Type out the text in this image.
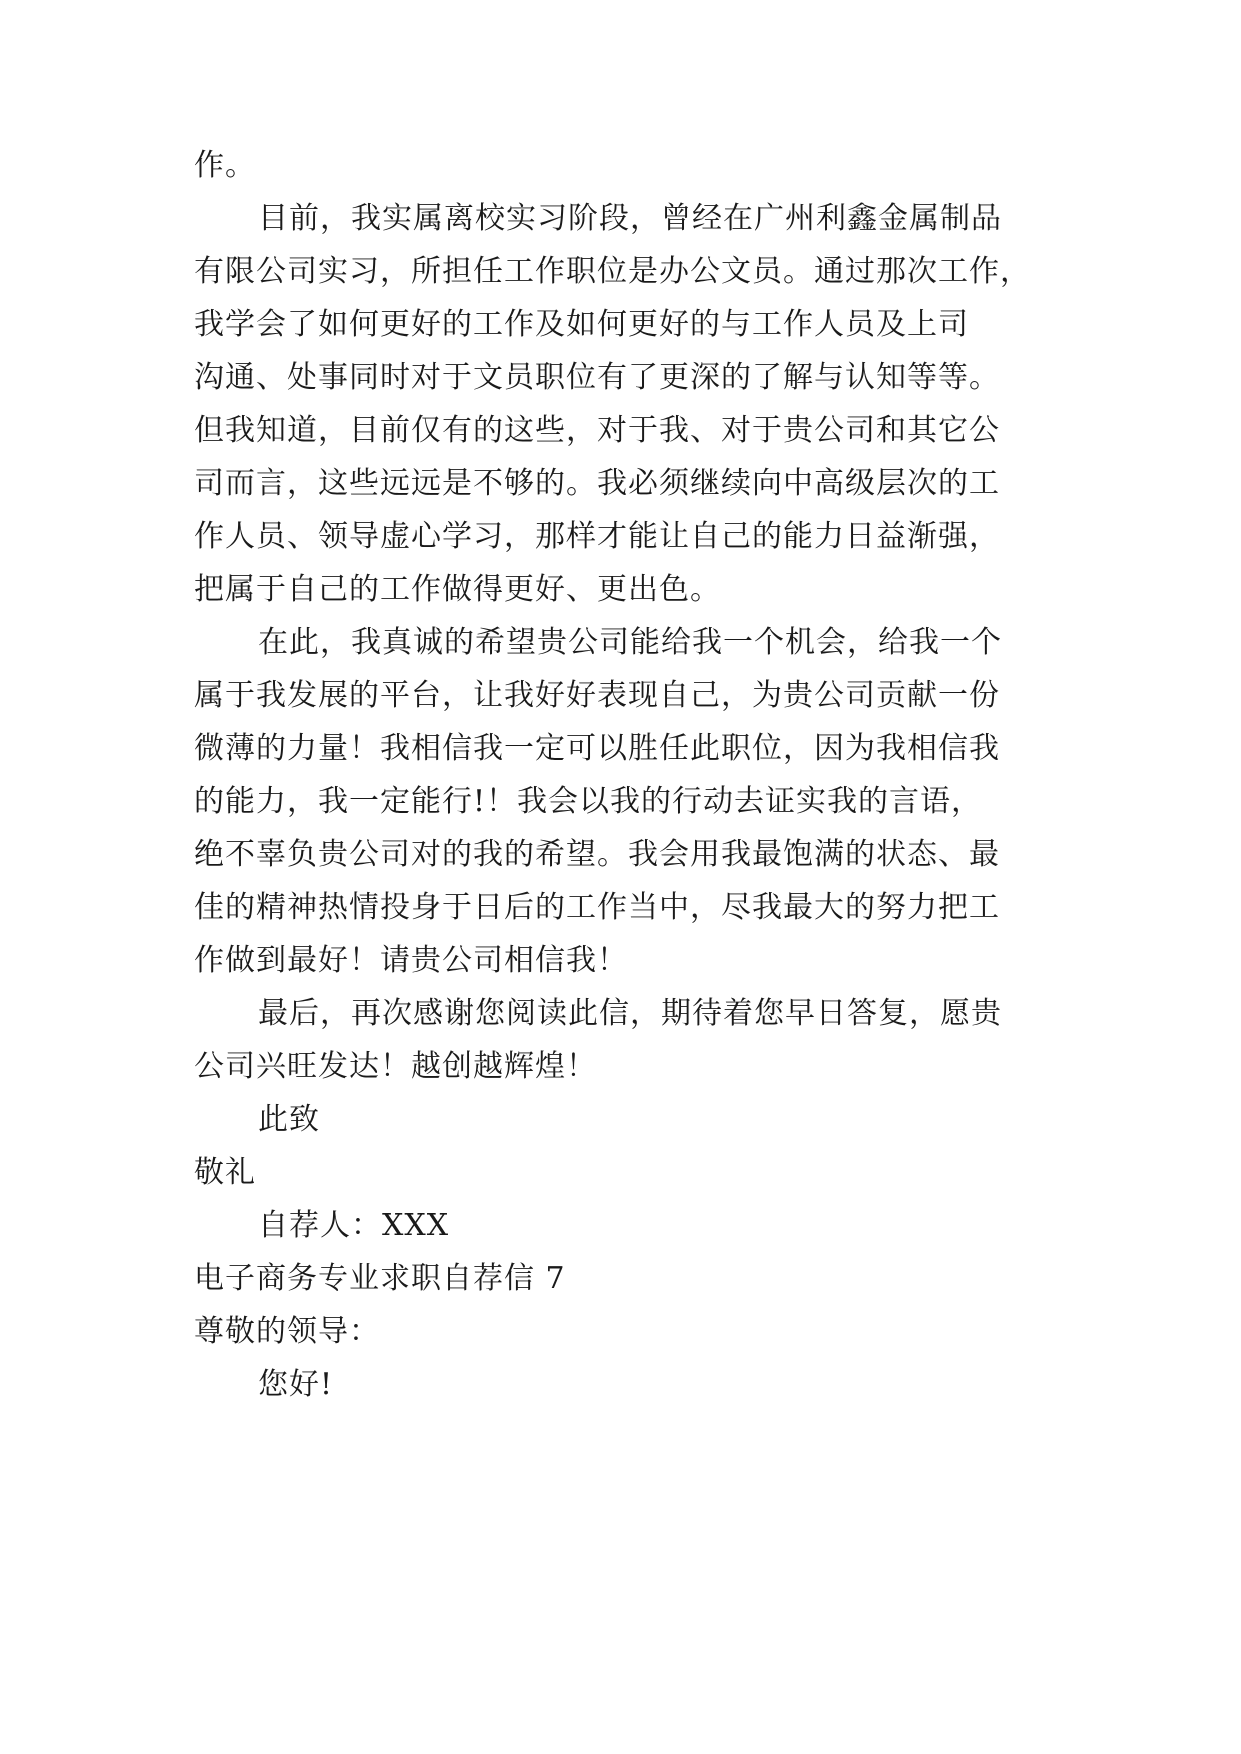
作。
目前，我实属离校实习阶段，曾经在广州利鑫金属制品
有限公司实习，所担任工作职位是办公文员。通过那次工作，
我学会了如何更好的工作及如何更好的与工作人员及上司
沟通、处事同时对于文员职位有了更深的了解与认知等等。
但我知道，目前仅有的这些，对于我、对于贵公司和其它公
司而言，这些远远是不够的。我必须继续向中高级层次的工
作人员、领导虚心学习，那样才能让自己的能力日益渐强，
把属于自己的工作做得更好、更出色。
在此，我真诚的希望贵公司能给我一个机会，给我一个
属于我发展的平台，让我好好表现自己，为贵公司贡献一份
微薄的力量！我相信我一定可以胜任此职位，因为我相信我
的能力，我一定能行!！我会以我的行动去证实我的言语，
绝不辜负贵公司对的我的希望。我会用我最饱满的状态、最
佳的精神热情投身于日后的工作当中，尽我最大的努力把工
作做到最好！请贵公司相信我！
最后，再次感谢您阅读此信，期待着您早日答复，愿贵
公司兴旺发达！越创越辉煌！
此致
敬礼
自荐人：XXX
电子商务专业求职自荐信 7
尊敬的领导：
您好!
